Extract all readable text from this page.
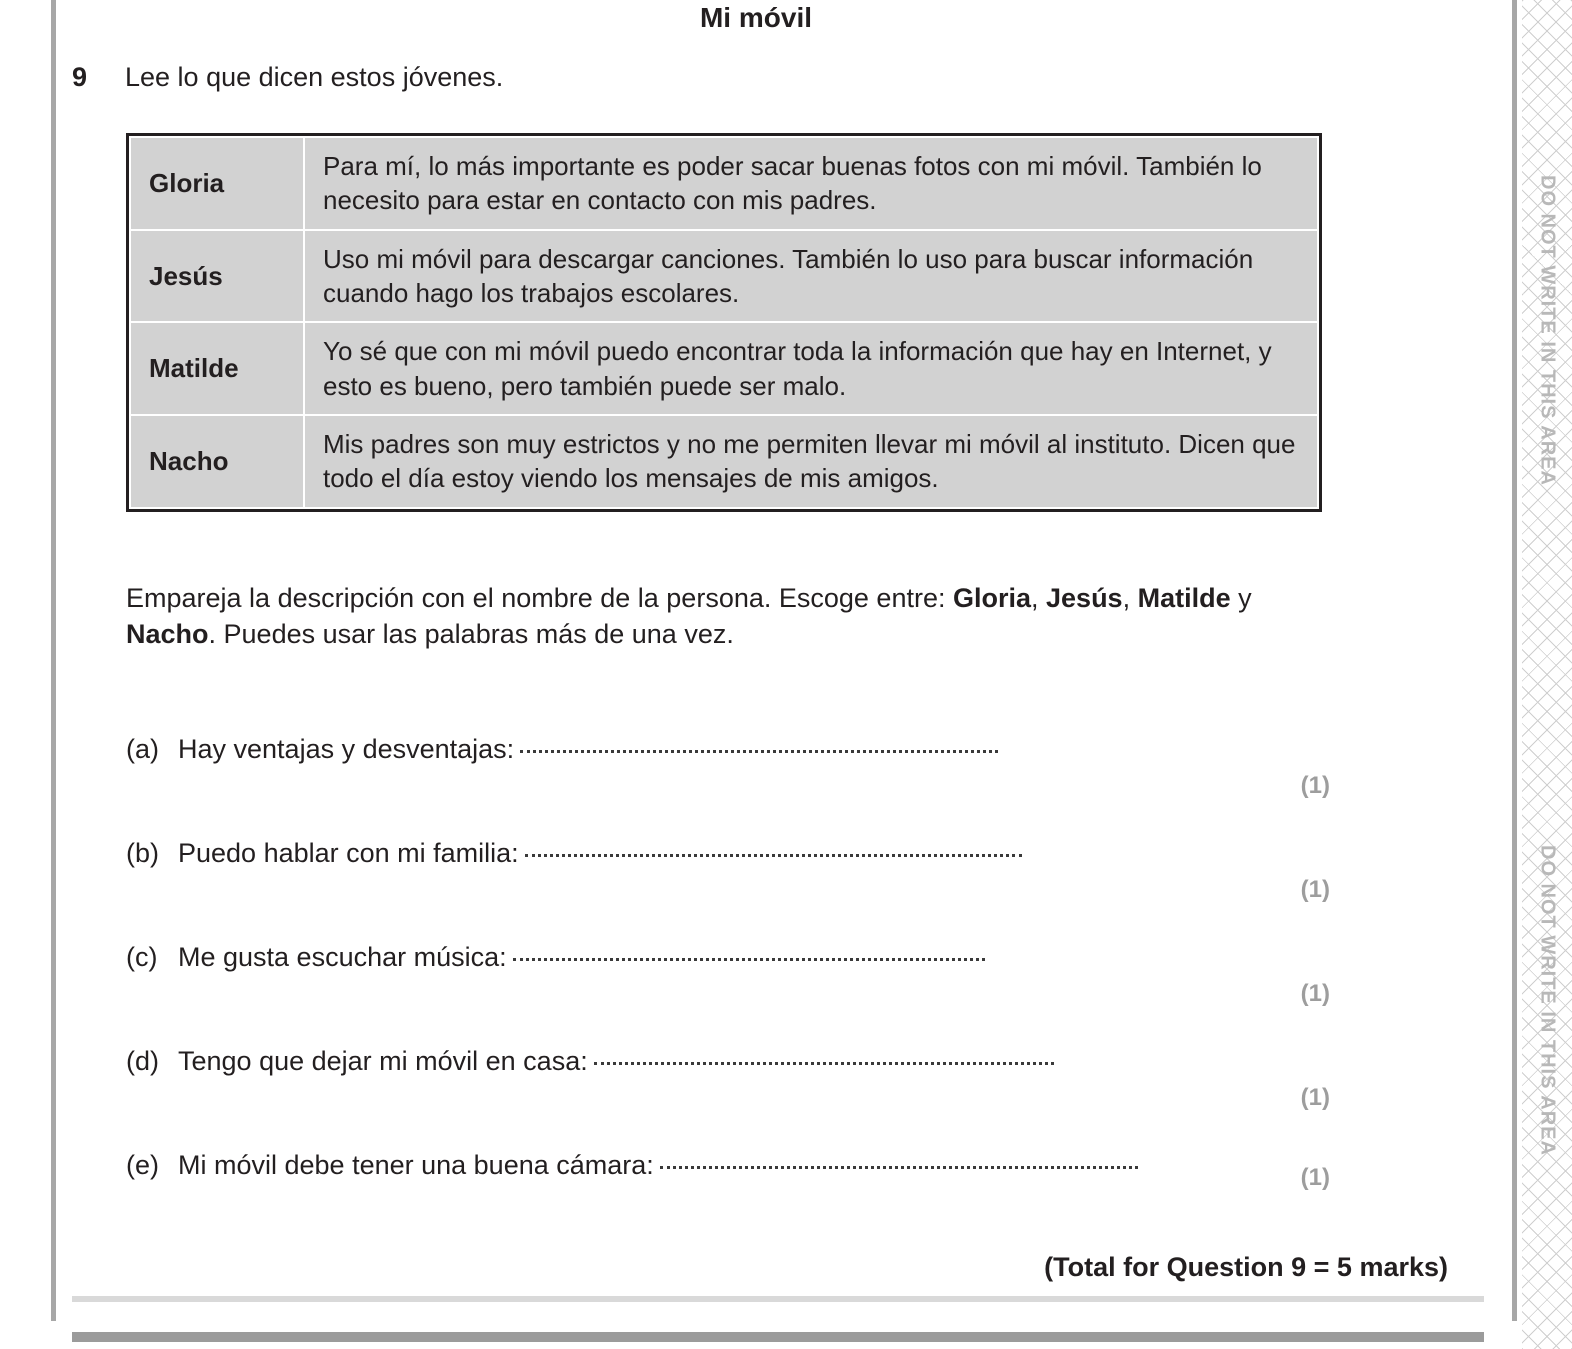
DO NOT WRITE IN THIS AREA
DO NOT WRITE IN THIS AREA
Mi móvil
9 Lee lo que dicen estos jóvenes.
Gloria	Para mí, lo más importante es poder sacar buenas fotos con mi móvil. También lo necesito para estar en contacto con mis padres.
Jesús	Uso mi móvil para descargar canciones. También lo uso para buscar información cuando hago los trabajos escolares.
Matilde	Yo sé que con mi móvil puedo encontrar toda la información que hay en Internet, y esto es bueno, pero también puede ser malo.
Nacho	Mis padres son muy estrictos y no me permiten llevar mi móvil al instituto. Dicen que todo el día estoy viendo los mensajes de mis amigos.
Empareja la descripción con el nombre de la persona. Escoge entre: Gloria, Jesús, Matilde y Nacho. Puedes usar las palabras más de una vez.
(a) Hay ventajas y desventajas:
(1)
(b) Puedo hablar con mi familia:
(1)
(c) Me gusta escuchar música:
(1)
(d) Tengo que dejar mi móvil en casa:
(1)
(e) Mi móvil debe tener una buena cámara:	(1)
(Total for Question 9 = 5 marks)
